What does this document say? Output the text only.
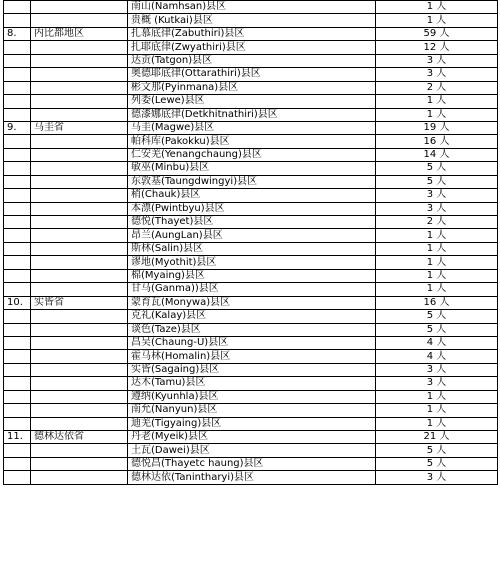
		南山(Namhsan)县区	1 人
		贵概 (Kutkai)县区	1 人
8.	内比都地区	扎慕底律(Zabuthiri)县区	59 人
		扎耶底律(Zwyathiri)县区	12 人
		达贡(Tatgon)县区	3 人
		奥德耶底律(Ottarathiri)县区	3 人
		彬文那(Pyinmana)县区	2 人
		列委(Lewe)县区	1 人
		德漆娜底律(Detkhitnathiri)县区	1 人
9.	马圭省	马圭(Magwe)县区	19 人
		帕科库(Pakokku)县区	16 人
		仁安羌(Yenangchaung)县区	14 人
		敏巫(Minbu)县区	5 人
		东敦基(Taungdwingyi)县区	5 人
		稍(Chauk)县区	3 人
		本漂(Pwintbyu)县区	3 人
		德悦(Thayet)县区	2 人
		昂兰(AungLan)县区	1 人
		斯林(Salin)县区	1 人
		谬地(Myothit)县区	1 人
		棉(Myaing)县区	1 人
		甘马(Ganma))县区	1 人
10.	实皆省	蒙育瓦(Monywa)县区	16 人
		克礼(Kalay)县区	5 人
		谈色(Taze)县区	5 人
		昌吴(Chaung-U)县区	4 人
		霍马林(Homalin)县区	4 人
		实皆(Sagaing)县区	3 人
		达木(Tamu)县区	3 人
		遵纳(Kyunhla)县区	1 人
		南允(Nanyun)县区	1 人
		迪羌(Tigyaing)县区	1 人
11.	德林达依省	丹老(Myeik)县区	21 人
		土瓦(Dawei)县区	5 人
		德悦昌(Thayetc haung)县区	5 人
		德林达依(Tanintharyi)县区	3 人
